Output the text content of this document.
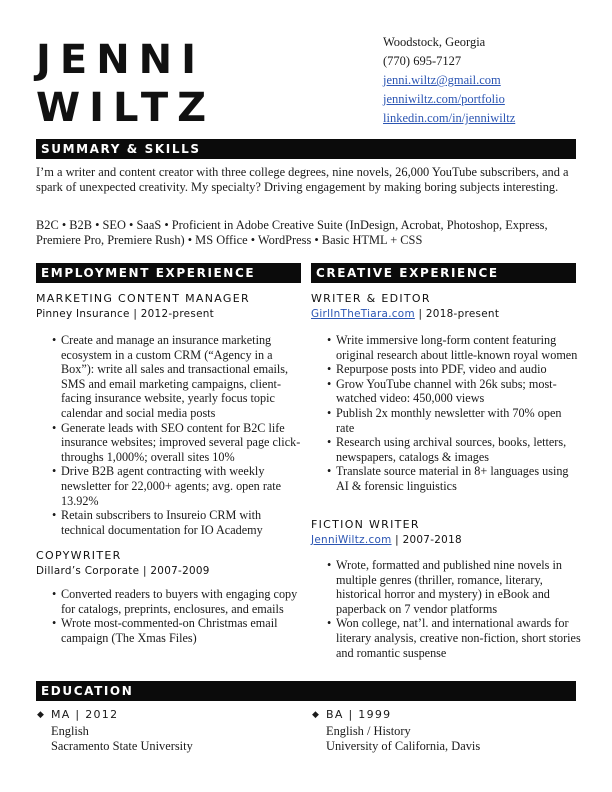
JENNI
WILTZ
Woodstock, Georgia
(770) 695-7127
jenni.wiltz@gmail.com
jenniwiltz.com/portfolio
linkedin.com/in/jenniwiltz
SUMMARY & SKILLS
I’m a writer and content creator with three college degrees, nine novels, 26,000 YouTube subscribers, and a spark of unexpected creativity. My specialty? Driving engagement by making boring subjects interesting.
B2C • B2B • SEO • SaaS • Proficient in Adobe Creative Suite (InDesign, Acrobat, Photoshop, Express, Premiere Pro, Premiere Rush) • MS Office • WordPress • Basic HTML + CSS
EMPLOYMENT EXPERIENCE
MARKETING CONTENT MANAGER
Pinney Insurance | 2012-present
• Create and manage an insurance marketing ecosystem in a custom CRM (“Agency in a Box”): write all sales and transactional emails, SMS and email marketing campaigns, client-facing insurance website, yearly focus topic calendar and social media posts
• Generate leads with SEO content for B2C life insurance websites; improved several page click-throughs 1,000%; overall sites 10%
• Drive B2B agent contracting with weekly newsletter for 22,000+ agents; avg. open rate 13.92%
• Retain subscribers to Insureio CRM with technical documentation for IO Academy
COPYWRITER
Dillard’s Corporate | 2007-2009
• Converted readers to buyers with engaging copy for catalogs, preprints, enclosures, and emails
• Wrote most-commented-on Christmas email campaign (The Xmas Files)
CREATIVE EXPERIENCE
WRITER & EDITOR
GirlInTheTiara.com | 2018-present
• Write immersive long-form content featuring original research about little-known royal women
• Repurpose posts into PDF, video and audio
• Grow YouTube channel with 26k subs; most-watched video: 450,000 views
• Publish 2x monthly newsletter with 70% open rate
• Research using archival sources, books, letters, newspapers, catalogs & images
• Translate source material in 8+ languages using AI & forensic linguistics
FICTION WRITER
JenniWiltz.com | 2007-2018
• Wrote, formatted and published nine novels in multiple genres (thriller, romance, literary, historical horror and mystery) in eBook and paperback on 7 vendor platforms
• Won college, nat’l. and international awards for literary analysis, creative non-fiction, short stories and romantic suspense
EDUCATION
◆ MA | 2012
English
Sacramento State University
◆ BA | 1999
English / History
University of California, Davis
